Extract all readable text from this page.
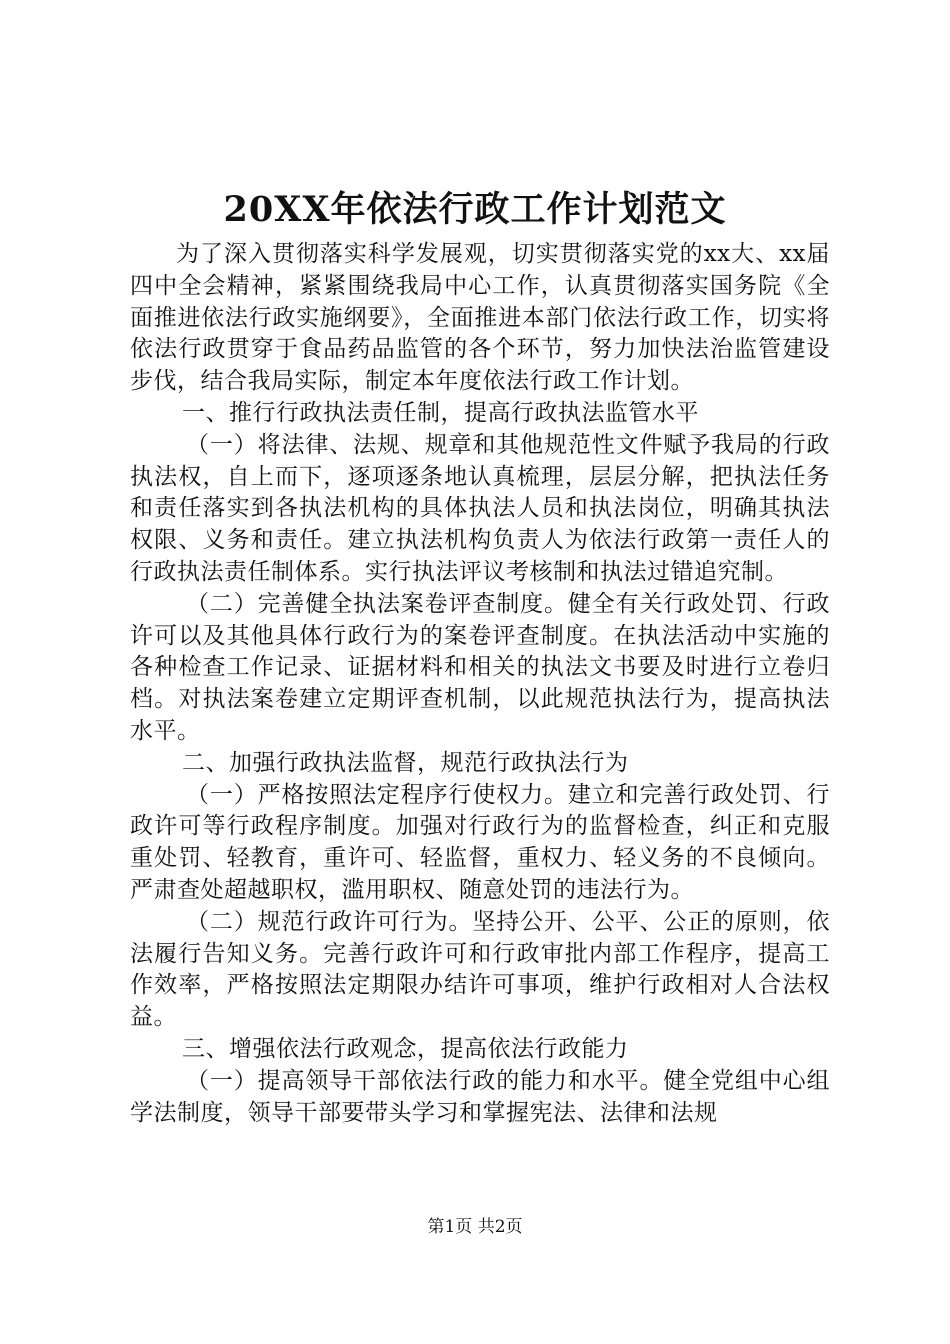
20XX年依法行政工作计划范文

为了深入贯彻落实科学发展观，切实贯彻落实党的xx大、xx届四中全会精神，紧紧围绕我局中心工作，认真贯彻落实国务院《全面推进依法行政实施纲要》，全面推进本部门依法行政工作，切实将依法行政贯穿于食品药品监管的各个环节，努力加快法治监管建设步伐，结合我局实际，制定本年度依法行政工作计划。

一、推行行政执法责任制，提高行政执法监管水平

（一）将法律、法规、规章和其他规范性文件赋予我局的行政执法权，自上而下，逐项逐条地认真梳理，层层分解，把执法任务和责任落实到各执法机构的具体执法人员和执法岗位，明确其执法权限、义务和责任。建立执法机构负责人为依法行政第一责任人的行政执法责任制体系。实行执法评议考核制和执法过错追究制。

（二）完善健全执法案卷评查制度。健全有关行政处罚、行政许可以及其他具体行政行为的案卷评查制度。在执法活动中实施的各种检查工作记录、证据材料和相关的执法文书要及时进行立卷归档。对执法案卷建立定期评查机制，以此规范执法行为，提高执法水平。

二、加强行政执法监督，规范行政执法行为

（一）严格按照法定程序行使权力。建立和完善行政处罚、行政许可等行政程序制度。加强对行政行为的监督检查，纠正和克服重处罚、轻教育，重许可、轻监督，重权力、轻义务的不良倾向。严肃查处超越职权，滥用职权、随意处罚的违法行为。

（二）规范行政许可行为。坚持公开、公平、公正的原则，依法履行告知义务。完善行政许可和行政审批内部工作程序，提高工作效率，严格按照法定期限办结许可事项，维护行政相对人合法权益。

三、增强依法行政观念，提高依法行政能力

（一）提高领导干部依法行政的能力和水平。健全党组中心组学法制度，领导干部要带头学习和掌握宪法、法律和法规

第1页 共2页
